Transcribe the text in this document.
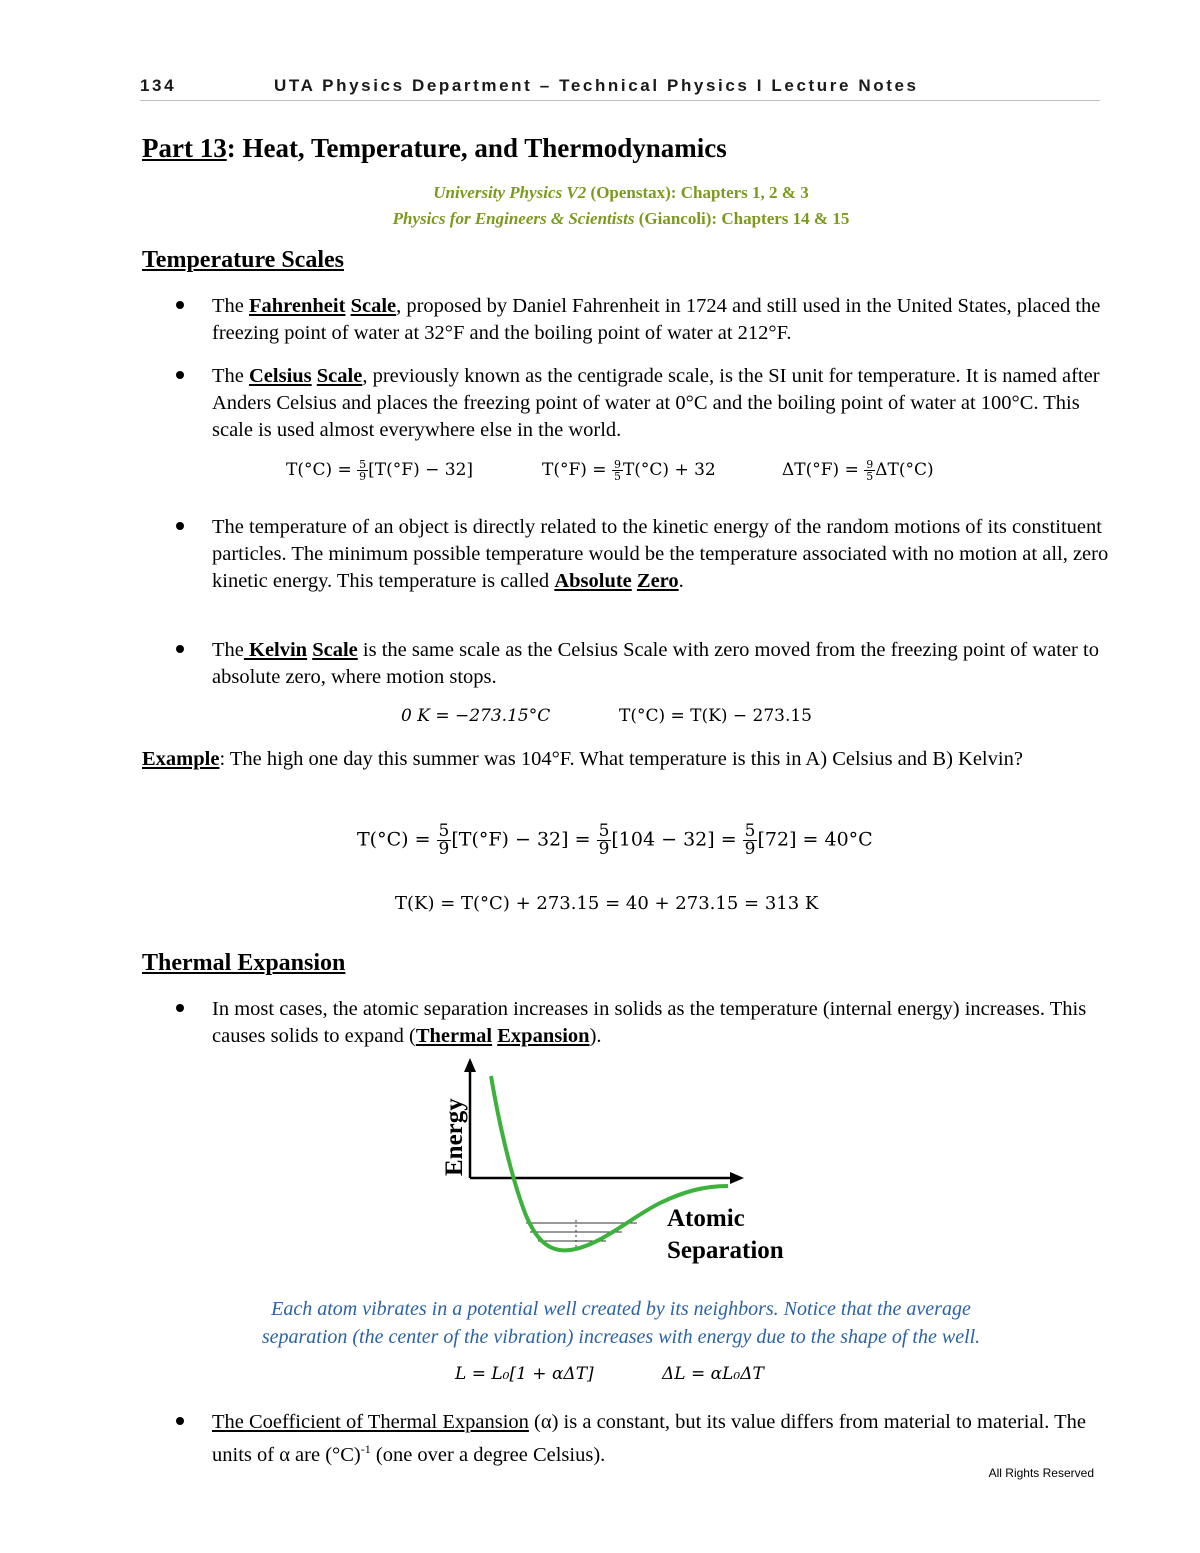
134	UTA Physics Department – Technical Physics I Lecture Notes
Part 13: Heat, Temperature, and Thermodynamics
University Physics V2 (Openstax): Chapters 1, 2 & 3
Physics for Engineers & Scientists (Giancoli): Chapters 14 & 15
Temperature Scales
The Fahrenheit Scale, proposed by Daniel Fahrenheit in 1724 and still used in the United States, placed the freezing point of water at 32°F and the boiling point of water at 212°F.
The Celsius Scale, previously known as the centigrade scale, is the SI unit for temperature. It is named after Anders Celsius and places the freezing point of water at 0°C and the boiling point of water at 100°C. This scale is used almost everywhere else in the world.
$T(^\circ C) = \frac{5}{9} [T(^\circ F) - 32]$	$T(^\circ F) = \frac{9}{5} T(^\circ C) + 32$	$\Delta T(^\circ F) = \frac{9}{5} \Delta T(^\circ C)$
The temperature of an object is directly related to the kinetic energy of the random motions of its constituent particles. The minimum possible temperature would be the temperature associated with no motion at all, zero kinetic energy. This temperature is called Absolute Zero.
The Kelvin Scale is the same scale as the Celsius Scale with zero moved from the freezing point of water to absolute zero, where motion stops.
0 K = −273.15°C	T(°C) = T(K) − 273.15
Example: The high one day this summer was 104°F. What temperature is this in A) Celsius and B) Kelvin?
$T(^\circ C) = \frac{5}{9} [T(^\circ F) - 32] = \frac{5}{9} [104 - 32] = \frac{5}{9} [72] = 40^\circ C$
T(K) = T(°C) + 273.15 = 40 + 273.15 = 313 K
Thermal Expansion
In most cases, the atomic separation increases in solids as the temperature (internal energy) increases. This causes solids to expand (Thermal Expansion).
Energy
Atomic
Separation
Each atom vibrates in a potential well created by its neighbors. Notice that the average
separation (the center of the vibration) increases with energy due to the shape of the well.
L = L₀[1 + αΔT]	ΔL = αL₀ΔT
The Coefficient of Thermal Expansion (α) is a constant, but its value differs from material to material. The units of α are $(^\circ C)^{-1}$ (one over a degree Celsius).
All Rights Reserved
